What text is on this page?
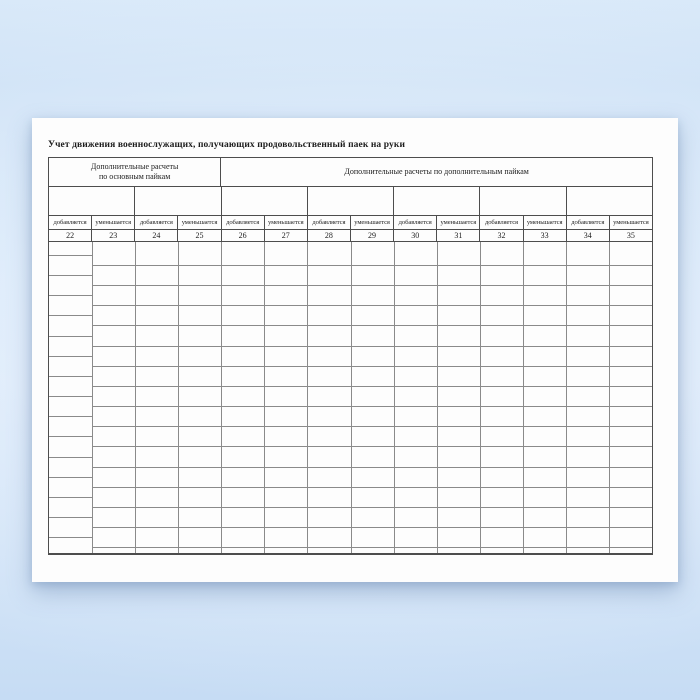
Учет движения военнослужащих, получающих продовольственный паек на руки
Дополнительные расчеты
по основным пайкам
Дополнительные расчеты по дополнительным пайкам
добавляется	уменьшается	добавляется	уменьшается	добавляется	уменьшается	добавляется	уменьшается	добавляется	уменьшается	добавляется	уменьшается	добавляется	уменьшается
22	23	24	25	26	27	28	29	30	31	32	33	34	35
